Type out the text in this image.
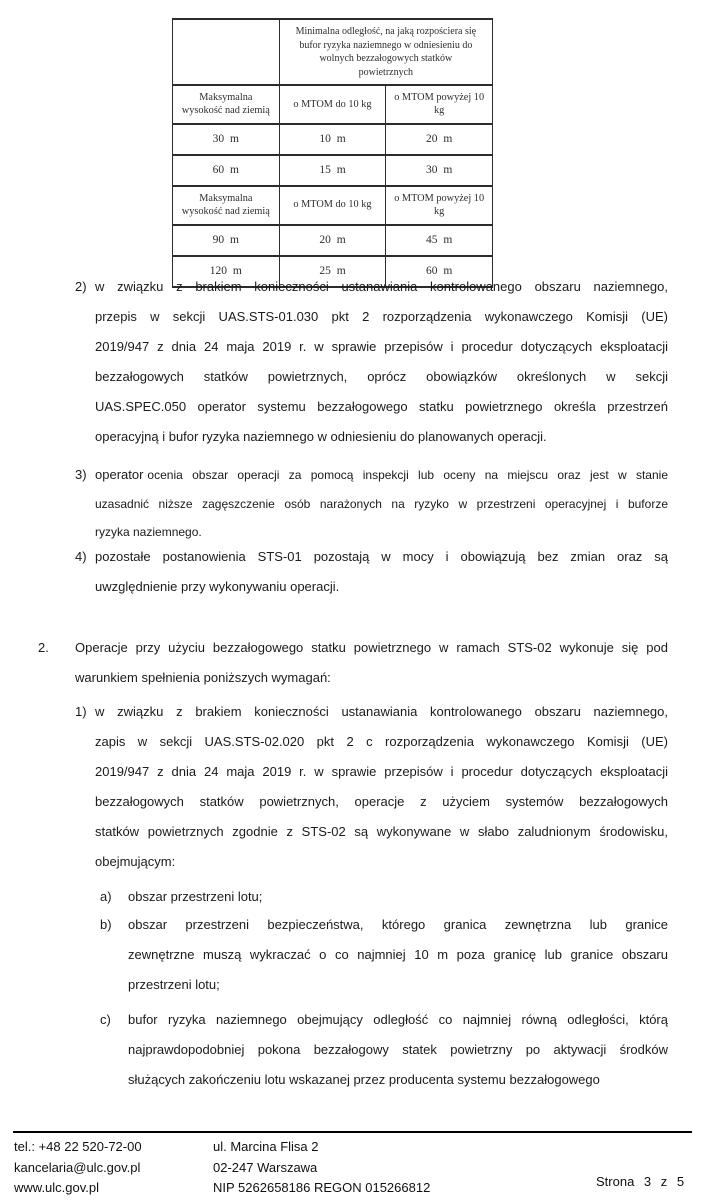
	Minimalna odległość, na jaką rozpościera się bufor ryzyka naziemnego w odniesieniu do wolnych bezzałogowych statków powietrznych	
Maksymalna wysokość nad ziemią	o MTOM do 10 kg	o MTOM powyżej 10 kg
30 m	10 m	20 m
60 m	15 m	30 m
Maksymalna wysokość nad ziemią	o MTOM do 10 kg	o MTOM powyżej 10 kg
90 m	20 m	45 m
120 m	25 m	60 m
2) w związku z brakiem konieczności ustanawiania kontrolowanego obszaru naziemnego,
przepis w sekcji UAS.STS-01.030 pkt 2 rozporządzenia wykonawczego Komisji (UE)
2019/947 z dnia 24 maja 2019 r. w sprawie przepisów i procedur dotyczących eksploatacji
bezzałogowych statków powietrznych, oprócz obowiązków określonych w sekcji
UAS.SPEC.050 operator systemu bezzałogowego statku powietrznego określa przestrzeń
operacyjną i bufor ryzyka naziemnego w odniesieniu do planowanych operacji.
3) operator ocenia obszar operacji za pomocą inspekcji lub oceny na miejscu oraz jest w stanie
uzasadnić niższe zagęszczenie osób narażonych na ryzyko w przestrzeni operacyjnej i buforze
ryzyka naziemnego.
4) pozostałe postanowienia STS-01 pozostają w mocy i obowiązują bez zmian oraz są
uwzględnienie przy wykonywaniu operacji.
2.	Operacje przy użyciu bezzałogowego statku powietrznego w ramach STS-02 wykonuje się pod
warunkiem spełnienia poniższych wymagań:
1) w związku z brakiem konieczności ustanawiania kontrolowanego obszaru naziemnego,
zapis w sekcji UAS.STS-02.020 pkt 2 c rozporządzenia wykonawczego Komisji (UE)
2019/947 z dnia 24 maja 2019 r. w sprawie przepisów i procedur dotyczących eksploatacji
bezzałogowych statków powietrznych, operacje z użyciem systemów bezzałogowych
statków powietrznych zgodnie z STS-02 są wykonywane w słabo zaludnionym środowisku,
obejmującym:
a)	obszar przestrzeni lotu;
b)	obszar przestrzeni bezpieczeństwa, którego granica zewnętrzna lub granice
zewnętrzne muszą wykraczać o co najmniej 10 m poza granicę lub granice obszaru
przestrzeni lotu;
c)	bufor ryzyka naziemnego obejmujący odległość co najmniej równą odległości, którą
najprawdopodobniej pokona bezzałogowy statek powietrzny po aktywacji środków
służących zakończeniu lotu wskazanej przez producenta systemu bezzałogowego
tel.: +48 22 520-72-00
kancelaria@ulc.gov.pl
www.ulc.gov.pl
ul. Marcina Flisa 2
02-247 Warszawa
NIP 5262658186 REGON 015266812	Strona 3 z 5
